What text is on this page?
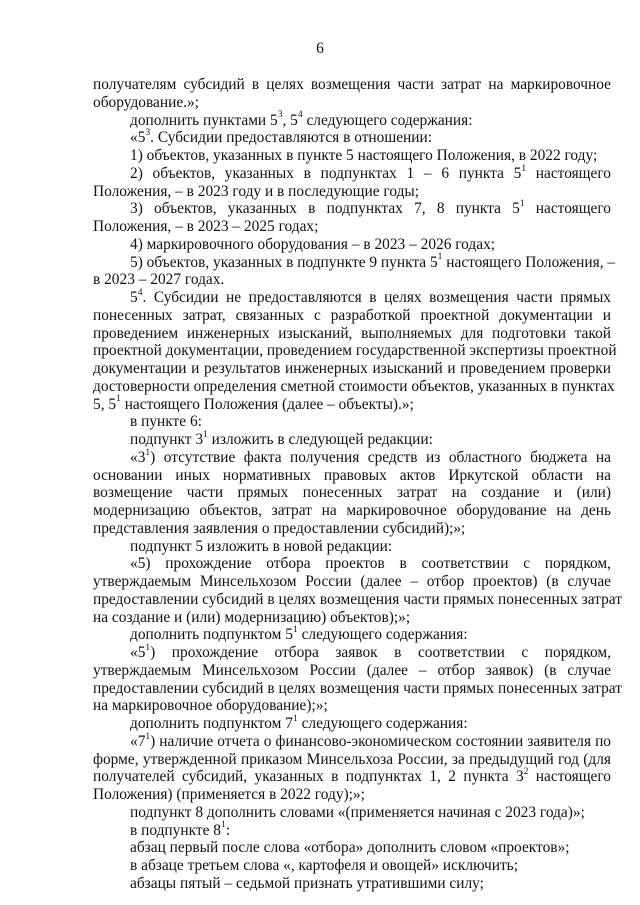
6
получателям субсидий в целях возмещения части затрат на маркировочное
оборудование.»;
дополнить пунктами $5^3$, $5^4$ следующего содержания:
«$5^3$. Субсидии предоставляются в отношении:
1) объектов, указанных в пункте 5 настоящего Положения, в 2022 году;
2) объектов, указанных в подпунктах 1 – 6 пункта $5^1$ настоящего
Положения, – в 2023 году и в последующие годы;
3) объектов, указанных в подпунктах 7, 8 пункта $5^1$ настоящего
Положения, – в 2023 – 2025 годах;
4) маркировочного оборудования – в 2023 – 2026 годах;
5) объектов, указанных в подпункте 9 пункта $5^1$ настоящего Положения, –
в 2023 – 2027 годах.
$5^4$. Субсидии не предоставляются в целях возмещения части прямых
понесенных затрат, связанных с разработкой проектной документации и
проведением инженерных изысканий, выполняемых для подготовки такой
проектной документации, проведением государственной экспертизы проектной
документации и результатов инженерных изысканий и проведением проверки
достоверности определения сметной стоимости объектов, указанных в пунктах
5, $5^1$ настоящего Положения (далее – объекты).»;
в пункте 6:
подпункт $3^1$ изложить в следующей редакции:
«$3^1$) отсутствие факта получения средств из областного бюджета на
основании иных нормативных правовых актов Иркутской области на
возмещение части прямых понесенных затрат на создание и (или)
модернизацию объектов, затрат на маркировочное оборудование на день
представления заявления о предоставлении субсидий);»;
подпункт 5 изложить в новой редакции:
«5) прохождение отбора проектов в соответствии с порядком,
утверждаемым Минсельхозом России (далее – отбор проектов) (в случае
предоставлении субсидий в целях возмещения части прямых понесенных затрат
на создание и (или) модернизацию) объектов);»;
дополнить подпунктом $5^1$ следующего содержания:
«$5^1$) прохождение отбора заявок в соответствии с порядком,
утверждаемым Минсельхозом России (далее – отбор заявок) (в случае
предоставлении субсидий в целях возмещения части прямых понесенных затрат
на маркировочное оборудование);»;
дополнить подпунктом $7^1$ следующего содержания:
«$7^1$) наличие отчета о финансово-экономическом состоянии заявителя по
форме, утвержденной приказом Минсельхоза России, за предыдущий год (для
получателей субсидий, указанных в подпунктах 1, 2 пункта $3^2$ настоящего
Положения) (применяется в 2022 году);»;
подпункт 8 дополнить словами «(применяется начиная с 2023 года)»;
в подпункте $8^1$:
абзац первый после слова «отбора» дополнить словом «проектов»;
в абзаце третьем слова «, картофеля и овощей» исключить;
абзацы пятый – седьмой признать утратившими силу;
